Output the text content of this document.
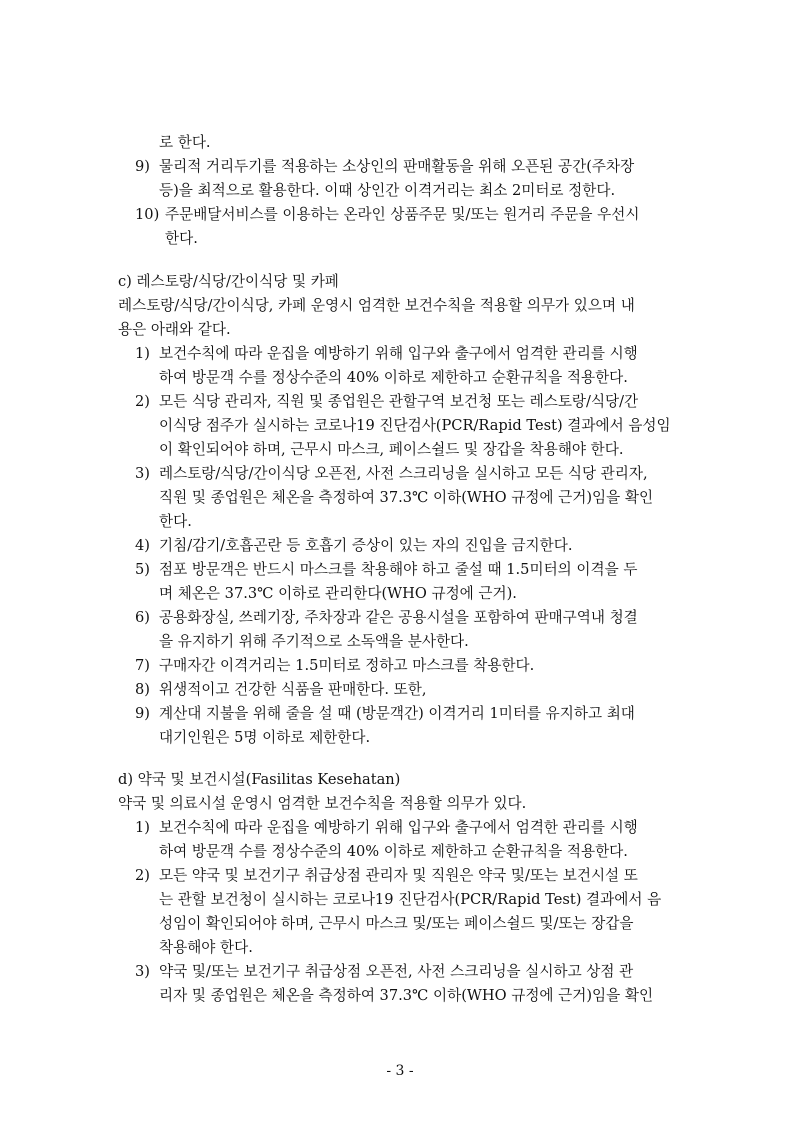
로 한다.
9) 물리적 거리두기를 적용하는 소상인의 판매활동을 위해 오픈된 공간(주차장
등)을 최적으로 활용한다. 이때 상인간 이격거리는 최소 2미터로 정한다.
10) 주문배달서비스를 이용하는 온라인 상품주문 및/또는 원거리 주문을 우선시
한다.
c) 레스토랑/식당/간이식당 및 카페
레스토랑/식당/간이식당, 카페 운영시 엄격한 보건수칙을 적용할 의무가 있으며 내
용은 아래와 같다.
1) 보건수칙에 따라 운집을 예방하기 위해 입구와 출구에서 엄격한 관리를 시행
하여 방문객 수를 정상수준의 40% 이하로 제한하고 순환규칙을 적용한다.
2) 모든 식당 관리자, 직원 및 종업원은 관할구역 보건청 또는 레스토랑/식당/간
이식당 점주가 실시하는 코로나19 진단검사(PCR/Rapid Test) 결과에서 음성임
이 확인되어야 하며, 근무시 마스크, 페이스쉴드 및 장갑을 착용해야 한다.
3) 레스토랑/식당/간이식당 오픈전, 사전 스크리닝을 실시하고 모든 식당 관리자,
직원 및 종업원은 체온을 측정하여 37.3℃ 이하(WHO 규정에 근거)임을 확인
한다.
4) 기침/감기/호흡곤란 등 호흡기 증상이 있는 자의 진입을 금지한다.
5) 점포 방문객은 반드시 마스크를 착용해야 하고 줄설 때 1.5미터의 이격을 두
며 체온은 37.3℃ 이하로 관리한다(WHO 규정에 근거).
6) 공용화장실, 쓰레기장, 주차장과 같은 공용시설을 포함하여 판매구역내 청결
을 유지하기 위해 주기적으로 소독액을 분사한다.
7) 구매자간 이격거리는 1.5미터로 정하고 마스크를 착용한다.
8) 위생적이고 건강한 식품을 판매한다. 또한,
9) 계산대 지불을 위해 줄을 설 때 (방문객간) 이격거리 1미터를 유지하고 최대
대기인원은 5명 이하로 제한한다.
d) 약국 및 보건시설(Fasilitas Kesehatan)
약국 및 의료시설 운영시 엄격한 보건수칙을 적용할 의무가 있다.
1) 보건수칙에 따라 운집을 예방하기 위해 입구와 출구에서 엄격한 관리를 시행
하여 방문객 수를 정상수준의 40% 이하로 제한하고 순환규칙을 적용한다.
2) 모든 약국 및 보건기구 취급상점 관리자 및 직원은 약국 및/또는 보건시설 또
는 관할 보건청이 실시하는 코로나19 진단검사(PCR/Rapid Test) 결과에서 음
성임이 확인되어야 하며, 근무시 마스크 및/또는 페이스쉴드 및/또는 장갑을
착용해야 한다.
3) 약국 및/또는 보건기구 취급상점 오픈전, 사전 스크리닝을 실시하고 상점 관
리자 및 종업원은 체온을 측정하여 37.3℃ 이하(WHO 규정에 근거)임을 확인
- 3 -
